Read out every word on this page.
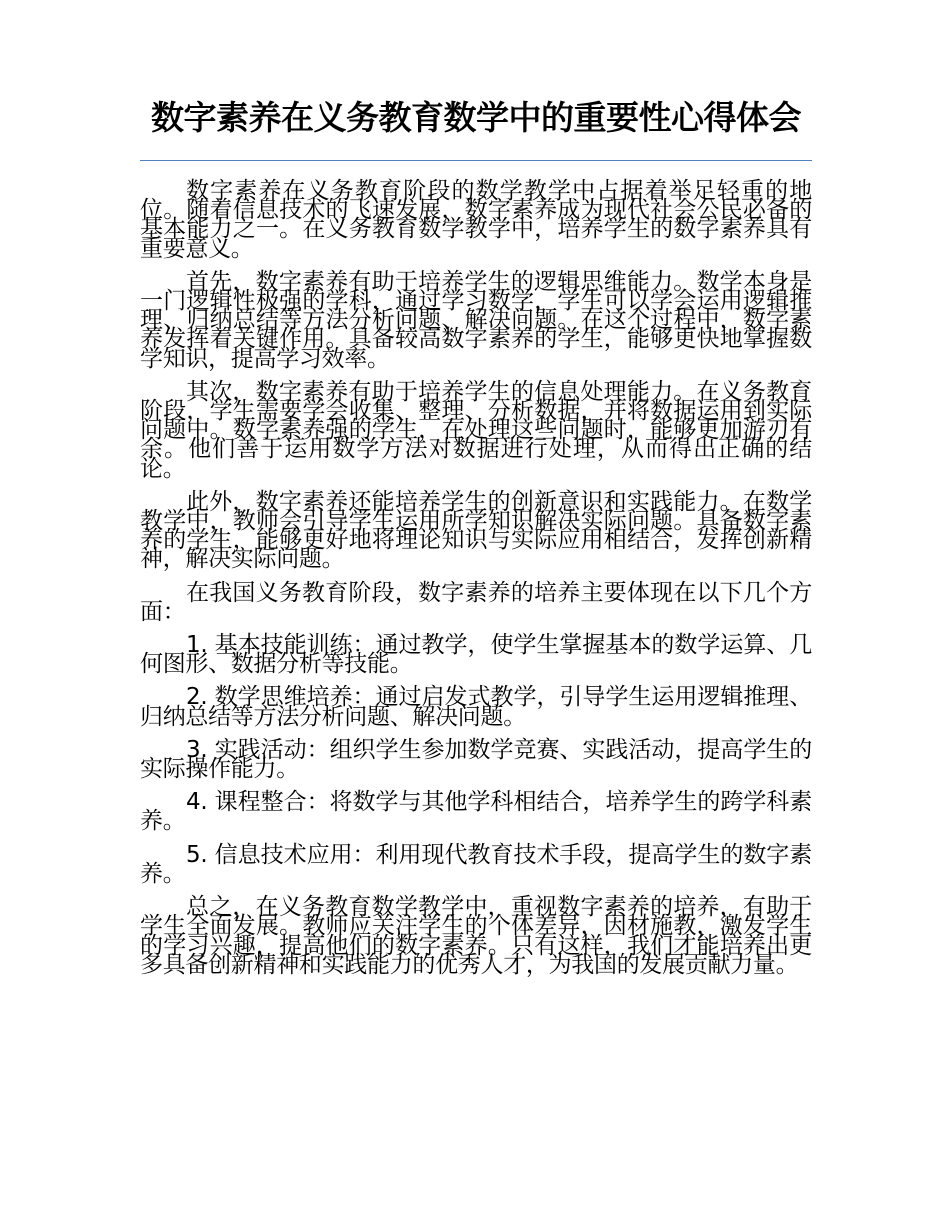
数字素养在义务教育数学中的重要性心得体会

数字素养在义务教育阶段的数学教学中占据着举足轻重的地位。随着信息技术的飞速发展，数字素养成为现代社会公民必备的基本能力之一。在义务教育数学教学中，培养学生的数字素养具有重要意义。

首先，数字素养有助于培养学生的逻辑思维能力。数学本身是一门逻辑性极强的学科，通过学习数学，学生可以学会运用逻辑推理、归纳总结等方法分析问题、解决问题。在这个过程中，数字素养发挥着关键作用。具备较高数字素养的学生，能够更快地掌握数学知识，提高学习效率。

其次，数字素养有助于培养学生的信息处理能力。在义务教育阶段，学生需要学会收集、整理、分析数据，并将数据运用到实际问题中。数字素养强的学生，在处理这些问题时，能够更加游刃有余。他们善于运用数学方法对数据进行处理，从而得出正确的结论。

此外，数字素养还能培养学生的创新意识和实践能力。在数学教学中，教师会引导学生运用所学知识解决实际问题。具备数字素养的学生，能够更好地将理论知识与实际应用相结合，发挥创新精神，解决实际问题。

在我国义务教育阶段，数字素养的培养主要体现在以下几个方面：

1. 基本技能训练：通过教学，使学生掌握基本的数学运算、几何图形、数据分析等技能。

2. 数学思维培养：通过启发式教学，引导学生运用逻辑推理、归纳总结等方法分析问题、解决问题。

3. 实践活动：组织学生参加数学竞赛、实践活动，提高学生的实际操作能力。

4. 课程整合：将数学与其他学科相结合，培养学生的跨学科素养。

5. 信息技术应用：利用现代教育技术手段，提高学生的数字素养。

总之，在义务教育数学教学中，重视数字素养的培养，有助于学生全面发展。教师应关注学生的个体差异，因材施教，激发学生的学习兴趣，提高他们的数字素养。只有这样，我们才能培养出更多具备创新精神和实践能力的优秀人才，为我国的发展贡献力量。
